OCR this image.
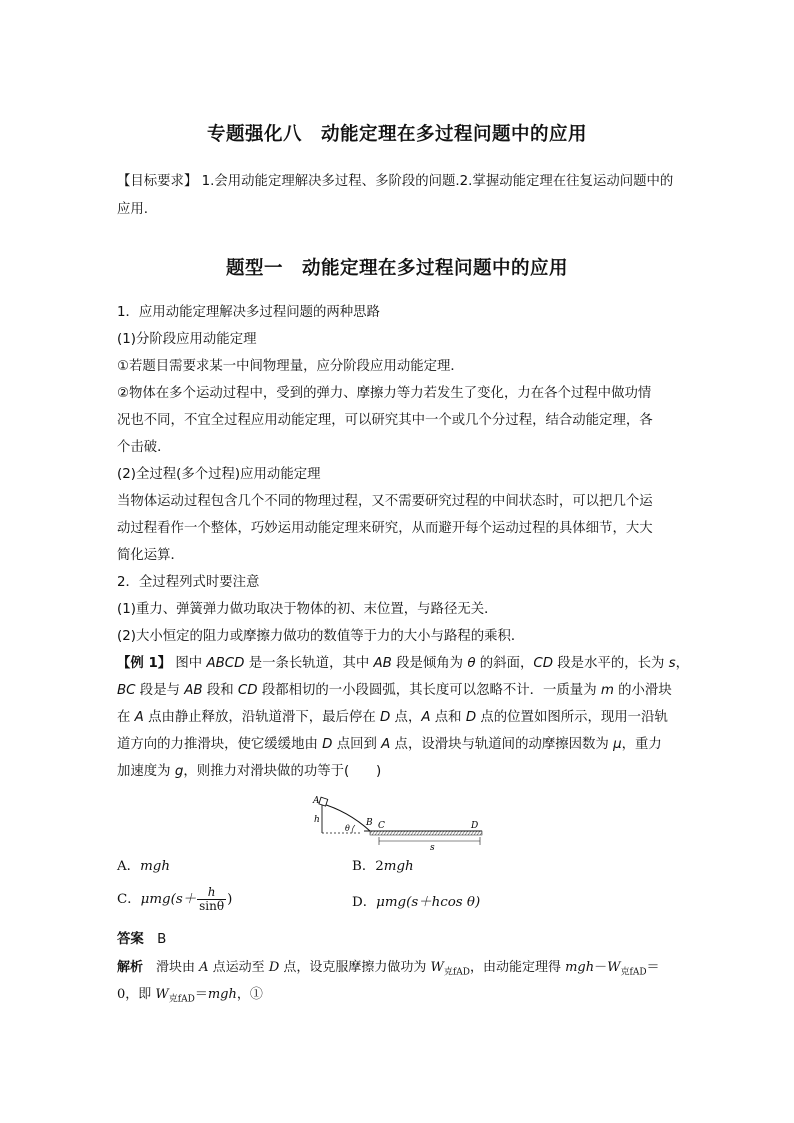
专题强化八　动能定理在多过程问题中的应用
【目标要求】 1.会用动能定理解决多过程、多阶段的问题.2.掌握动能定理在往复运动问题中的
应用.
题型一　动能定理在多过程问题中的应用
1．应用动能定理解决多过程问题的两种思路
(1)分阶段应用动能定理
①若题目需要求某一中间物理量，应分阶段应用动能定理．
②物体在多个运动过程中，受到的弹力、摩擦力等力若发生了变化，力在各个过程中做功情
况也不同，不宜全过程应用动能定理，可以研究其中一个或几个分过程，结合动能定理，各
个击破．
(2)全过程(多个过程)应用动能定理
当物体运动过程包含几个不同的物理过程，又不需要研究过程的中间状态时，可以把几个运
动过程看作一个整体，巧妙运用动能定理来研究，从而避开每个运动过程的具体细节，大大
简化运算．
2．全过程列式时要注意
(1)重力、弹簧弹力做功取决于物体的初、末位置，与路径无关．
(2)大小恒定的阻力或摩擦力做功的数值等于力的大小与路程的乘积．
【例 1】 图中 ABCD 是一条长轨道，其中 AB 段是倾角为 θ 的斜面，CD 段是水平的，长为 s，
BC 段是与 AB 段和 CD 段都相切的一小段圆弧，其长度可以忽略不计．一质量为 m 的小滑块
在 A 点由静止释放，沿轨道滑下，最后停在 D 点，A 点和 D 点的位置如图所示，现用一沿轨
道方向的力推滑块，使它缓缓地由 D 点回到 A 点，设滑块与轨道间的动摩擦因数为 μ，重力
加速度为 g，则推力对滑块做的功等于(　　)
A
h
θ
B C	D
s
A．mgh	B．2mgh
C．$\mu mg(s+ \frac{h}{\sin\theta}$ )	D．μmg(s＋hcos θ)
答案　 B
解析　滑块由 A 点运动至 D 点，设克服摩擦力做功为 $W_{克fAD}$，由动能定理得 $mgh-W_{克fAD}=$
0，即 $W_{克fAD}=mgh$，①
